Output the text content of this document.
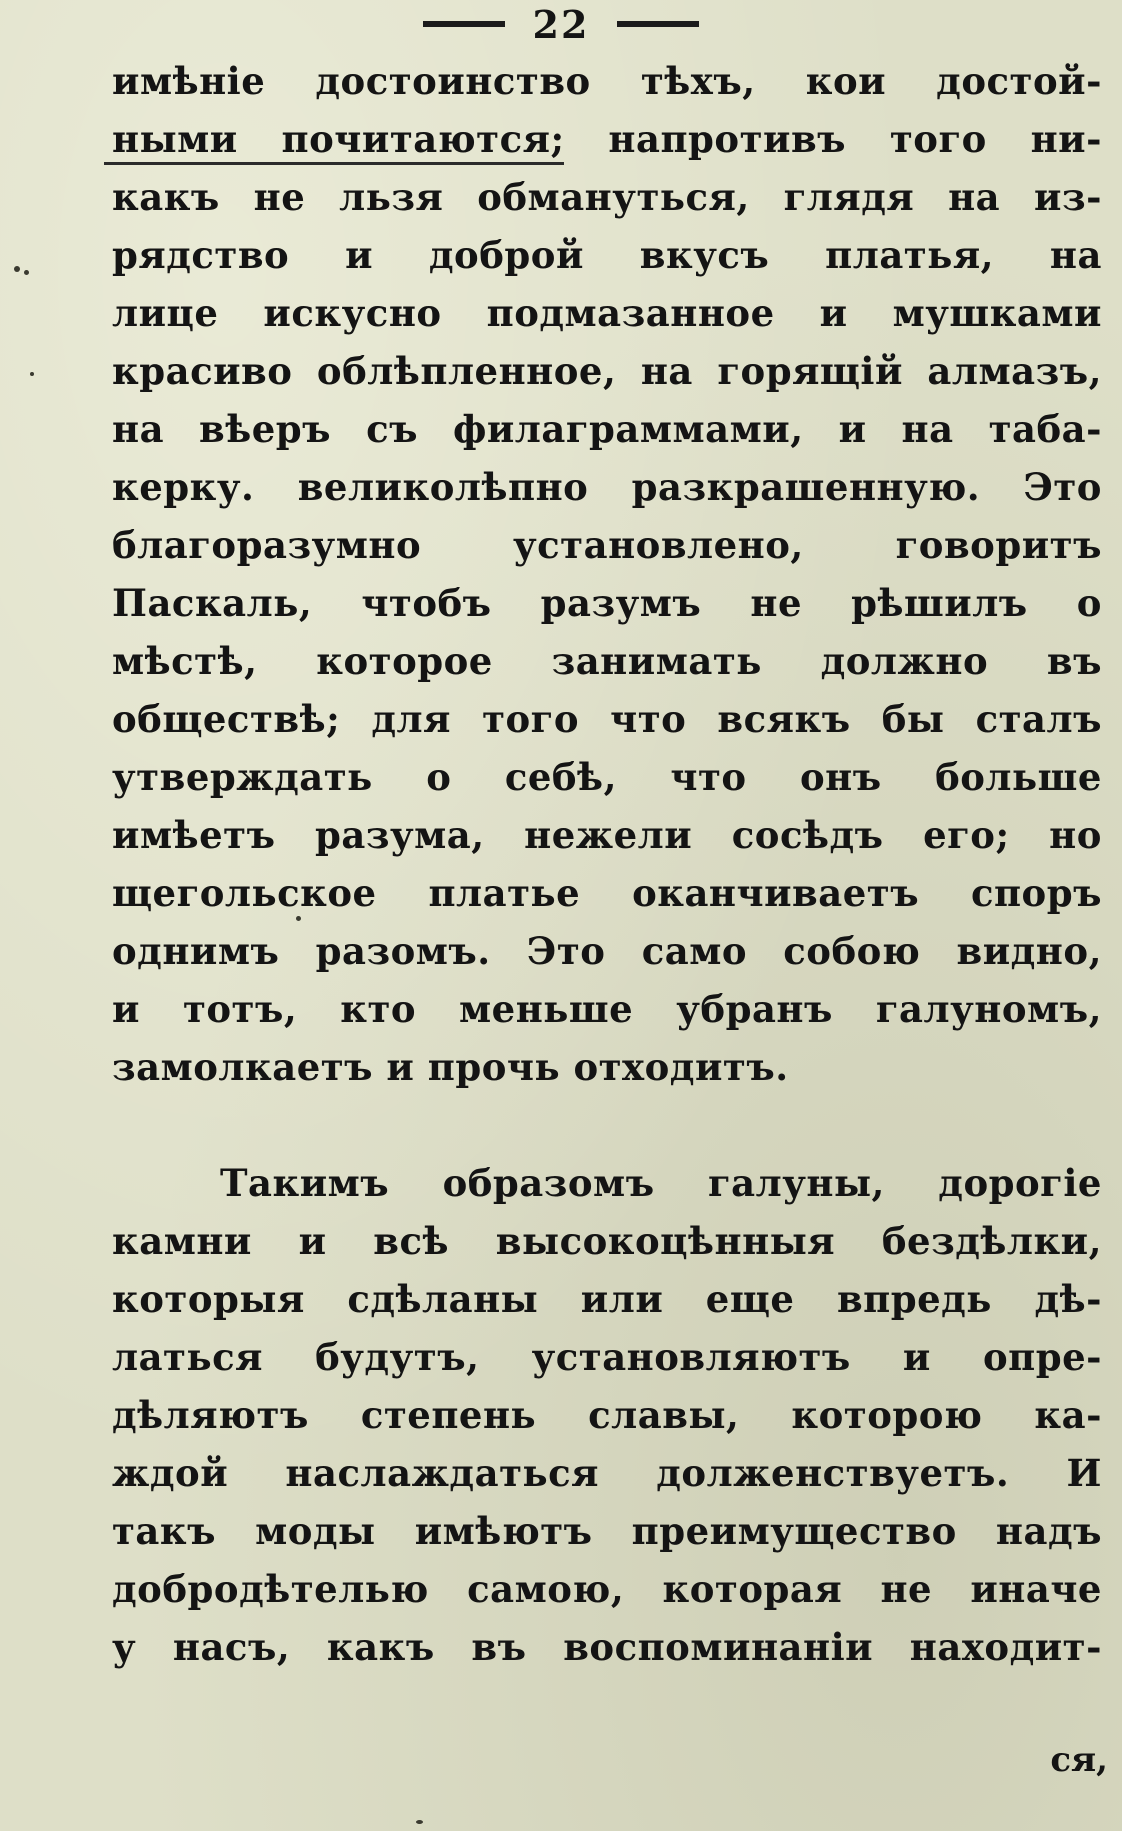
22
имѣніе достоинство тѣхъ, кои достой-
ными почитаются; напротивъ того ни-
какъ не льзя обмануться, глядя на из-
рядство и доброй вкусъ платья, на
лице искусно подмазанное и мушками
красиво облѣпленное, на горящій алмазъ,
на вѣеръ съ филаграммами, и на таба-
керку. великолѣпно разкрашенную. Это
благоразумно установлено, говоритъ
Паскаль, чтобъ разумъ не рѣшилъ о
мѣстѣ, которое занимать должно въ
обществѣ; для того что всякъ бы сталъ
утверждать о себѣ, что онъ больше
имѣетъ разума, нежели сосѣдъ его; но
щегольское платье оканчиваетъ споръ
однимъ разомъ. Это само собою видно,
и тотъ, кто меньше убранъ галуномъ,
замолкаетъ и прочь отходитъ.
Такимъ образомъ галуны, дорогіе
камни и всѣ высокоцѣнныя бездѣлки,
которыя сдѣланы или еще впредь дѣ-
латься будутъ, установляютъ и опре-
дѣляютъ степень славы, которою ка-
ждой наслаждаться долженствуетъ. И
такъ моды имѣютъ преимущество надъ
добродѣтелью самою, которая не иначе
у насъ, какъ въ воспоминаніи находит-
ся,
